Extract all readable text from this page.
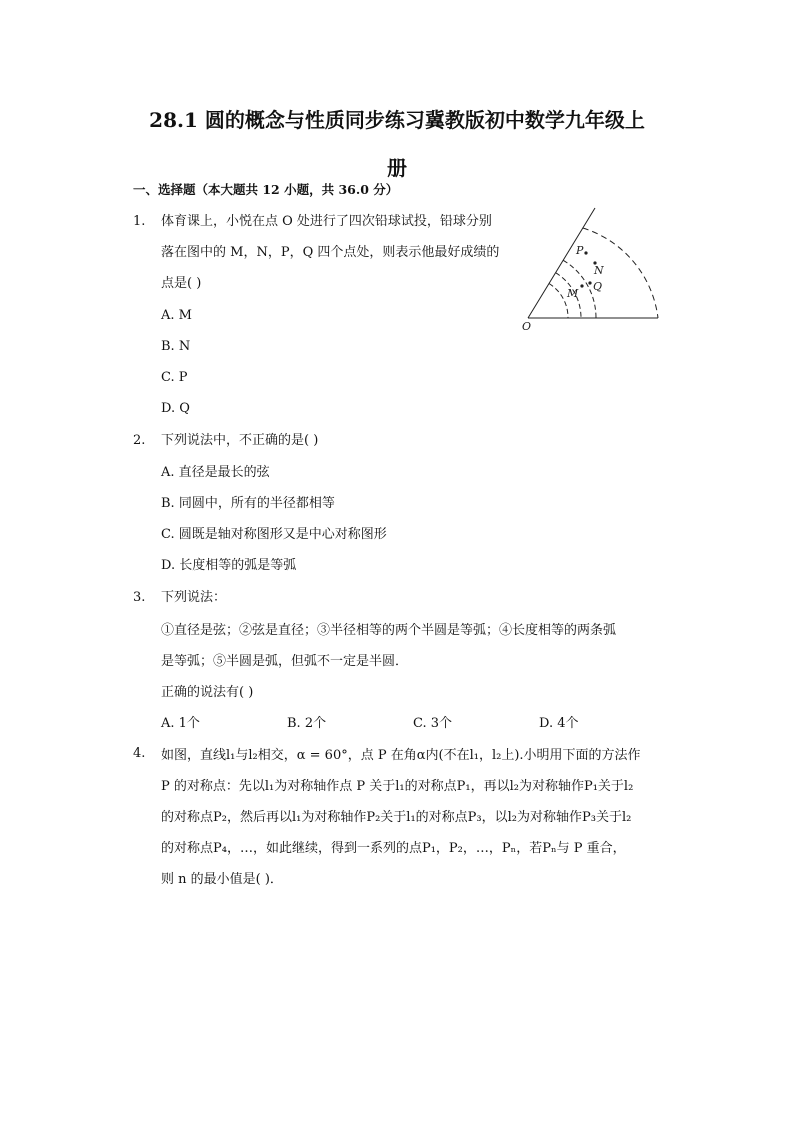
28.1 圆的概念与性质同步练习冀教版初中数学九年级上
册
一、选择题（本大题共 12 小题，共 36.0 分）
1. 体育课上，小悦在点 O 处进行了四次铅球试投，铅球分别
落在图中的 M，N，P，Q 四个点处，则表示他最好成绩的
点是( )
A. M
B. N
C. P
D. Q
O
P
N
Q
M
2. 下列说法中，不正确的是( )
A. 直径是最长的弦
B. 同圆中，所有的半径都相等
C. 圆既是轴对称图形又是中心对称图形
D. 长度相等的弧是等弧
3. 下列说法：
①直径是弦；②弦是直径；③半径相等的两个半圆是等弧；④长度相等的两条弧
是等弧；⑤半圆是弧，但弧不一定是半圆．
正确的说法有( )
A. 1个	B. 2个	C. 3个	D. 4个
4. 如图，直线l₁与l₂相交，α = 60°，点 P 在角α内(不在l₁，l₂上).小明用下面的方法作
P 的对称点：先以l₁为对称轴作点 P 关于l₁的对称点P₁，再以l₂为对称轴作P₁关于l₂
的对称点P₂，然后再以l₁为对称轴作P₂关于l₁的对称点P₃，以l₂为对称轴作P₃关于l₂
的对称点P₄，…，如此继续，得到一系列的点P₁，P₂，…，Pₙ，若Pₙ与 P 重合，
则 n 的最小值是( )．
